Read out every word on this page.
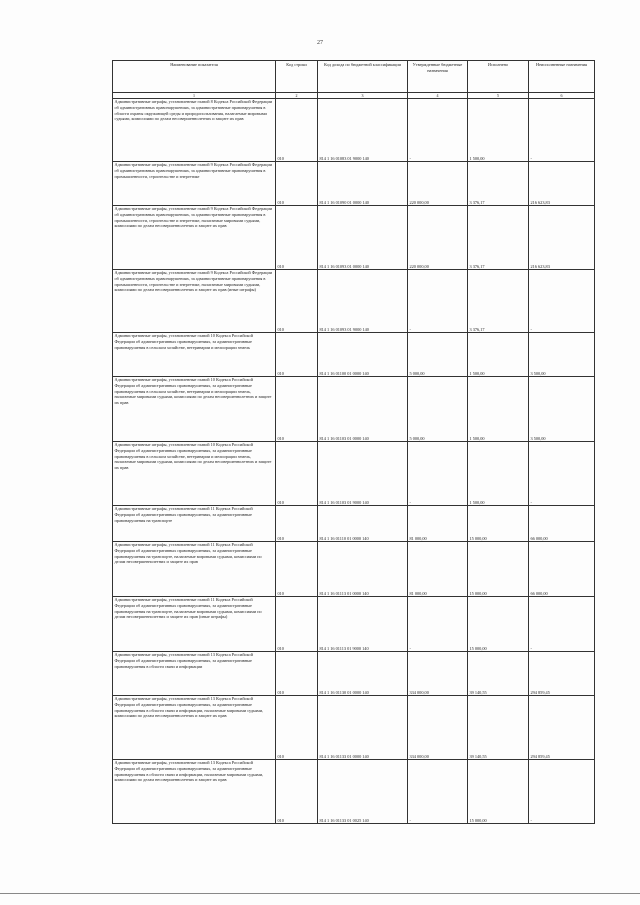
27
Наименование показателя	Код строки	Код дохода по бюджетной классификации	Утвержденные бюджетные назначения	Исполнено	Неисполненные назначения
1	2	3	4	5	6
Административные штрафы, установленные главой 8 Кодекса Российской Федерации об административных правонарушениях, за административные правонарушения в области охраны окружающей среды и природопользования, налагаемые мировыми судьями, комиссиями по делам несовершеннолетних и защите их прав	010	814 1 16 01083 01 9000 140	-	1 500,00	-
Административные штрафы, установленные главой 9 Кодекса Российской Федерации об административных правонарушениях, за административные правонарушения в промышленности, строительстве и энергетике	010	814 1 16 01090 01 0000 140	220 000,00	3 376,17	216 623,83
Административные штрафы, установленные главой 9 Кодекса Российской Федерации об административных правонарушениях, за административные правонарушения в промышленности, строительстве и энергетике, налагаемые мировыми судьями, комиссиями по делам несовершеннолетних и защите их прав	010	814 1 16 01093 01 0000 140	220 000,00	3 376,17	216 623,83
Административные штрафы, установленные главой 9 Кодекса Российской Федерации об административных правонарушениях, за административные правонарушения в промышленности, строительстве и энергетике, налагаемые мировыми судьями, комиссиями по делам несовершеннолетних и защите их прав (иные штрафы)	010	814 1 16 01093 01 9000 140	-	3 376,17	-
Административные штрафы, установленные главой 10 Кодекса Российской Федерации об административных правонарушениях, за административные правонарушения в сельском хозяйстве, ветеринарии и мелиорации земель	010	814 1 16 01100 01 0000 140	5 000,00	1 500,00	3 500,00
Административные штрафы, установленные главой 10 Кодекса Российской Федерации об административных правонарушениях, за административные правонарушения в сельском хозяйстве, ветеринарии и мелиорации земель, налагаемые мировыми судьями, комиссиями по делам несовершеннолетних и защите их прав	010	814 1 16 01103 01 0000 140	5 000,00	1 500,00	3 500,00
Административные штрафы, установленные главой 10 Кодекса Российской Федерации об административных правонарушениях, за административные правонарушения в сельском хозяйстве, ветеринарии и мелиорации земель, налагаемые мировыми судьями, комиссиями по делам несовершеннолетних и защите их прав	010	814 1 16 01103 01 9000 140	-	1 500,00	-
Административные штрафы, установленные главой 11 Кодекса Российской Федерации об административных правонарушениях, за административные правонарушения на транспорте	010	814 1 16 01110 01 0000 140	81 000,00	15 000,00	66 000,00
Административные штрафы, установленные главой 11 Кодекса Российской Федерации об административных правонарушениях, за административные правонарушения на транспорте, налагаемые мировыми судьями, комиссиями по делам несовершеннолетних и защите их прав	010	814 1 16 01113 01 0000 140	81 000,00	15 000,00	66 000,00
Административные штрафы, установленные главой 11 Кодекса Российской Федерации об административных правонарушениях, за административные правонарушения на транспорте, налагаемые мировыми судьями, комиссиями по делам несовершеннолетних и защите их прав (иные штрафы)	010	814 1 16 01113 01 9000 140	-	15 000,00	-
Административные штрафы, установленные главой 13 Кодекса Российской Федерации об административных правонарушениях, за административные правонарушения в области связи и информации	010	814 1 16 01130 01 0000 140	334 000,00	39 140,55	294 859,45
Административные штрафы, установленные главой 13 Кодекса Российской Федерации об административных правонарушениях, за административные правонарушения в области связи и информации, налагаемые мировыми судьями, комиссиями по делам несовершеннолетних и защите их прав	010	814 1 16 01133 01 0000 140	334 000,00	39 140,55	294 859,45
Административные штрафы, установленные главой 13 Кодекса Российской Федерации об административных правонарушениях, за административные правонарушения в области связи и информации, налагаемые мировыми судьями, комиссиями по делам несовершеннолетних и защите их прав	010	814 1 16 01133 01 0025 140	-	15 000,00	-
